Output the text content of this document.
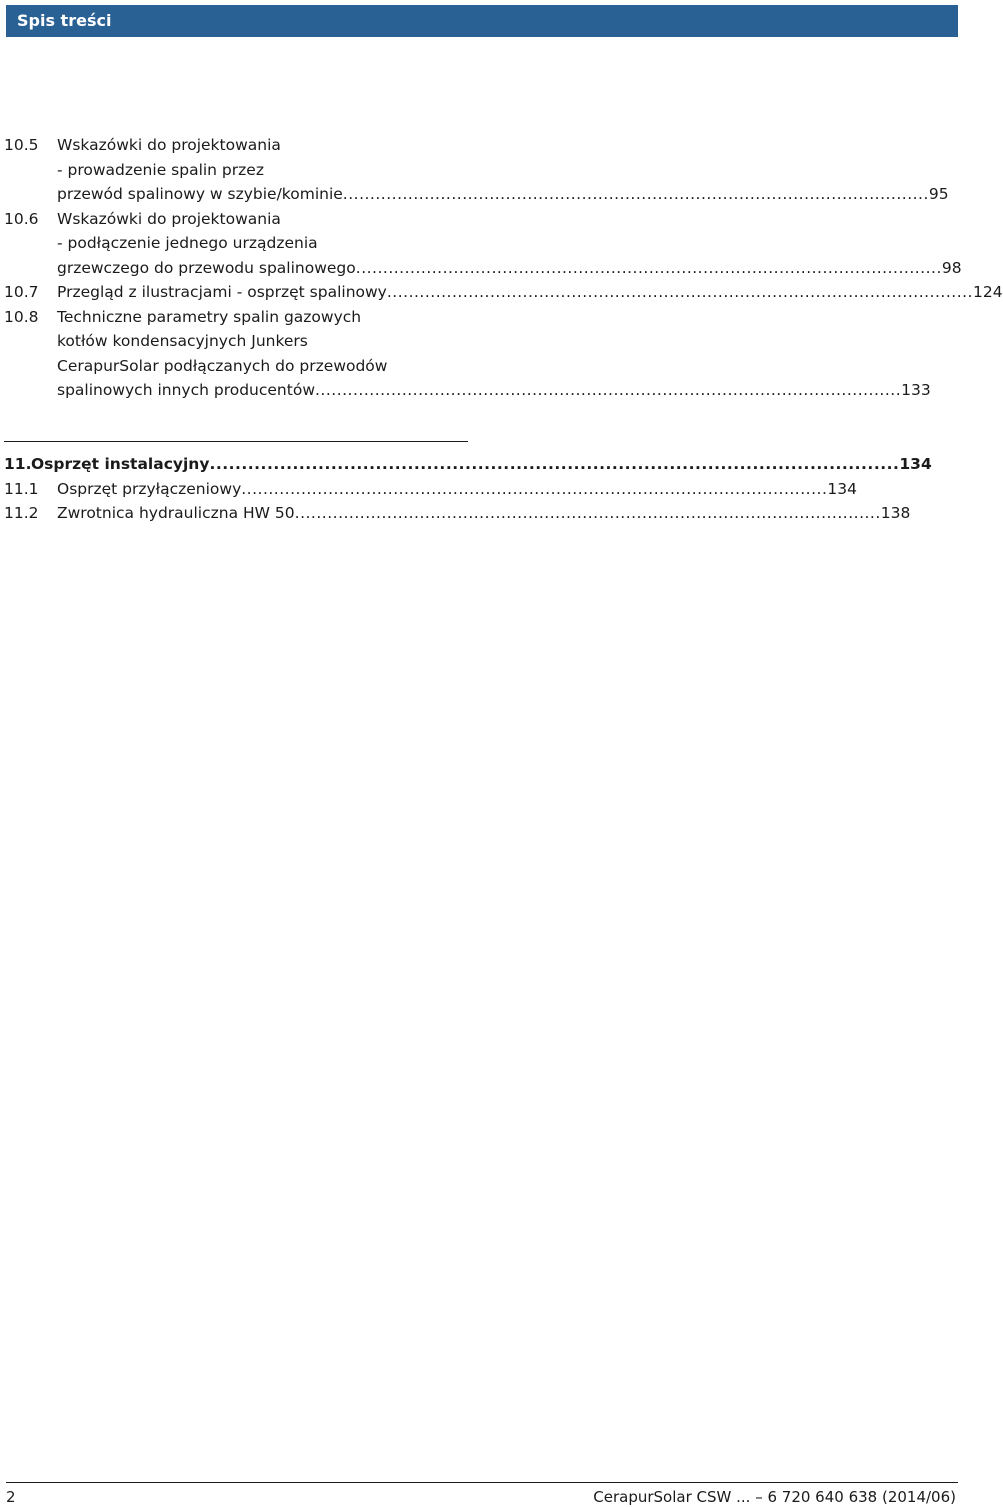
Spis treści
10.5	Wskazówki do projektowania
- prowadzenie spalin przez
przewód spalinowy w szybie/kominie .....	95
10.6	Wskazówki do projektowania
- podłączenie jednego urządzenia
grzewczego do przewodu spalinowego .....	98
10.7	Przegląd z ilustracjami - osprzęt spalinowy .....	124
10.8	Techniczne parametry spalin gazowych
kotłów kondensacyjnych Junkers
CerapurSolar podłączanych do przewodów
spalinowych innych producentów .....	133
11. Osprzęt instalacyjny .....	134
11.1	Osprzęt przyłączeniowy .....	134
11.2	Zwrotnica hydrauliczna HW 50 .....	138
2	CerapurSolar CSW ... – 6 720 640 638 (2014/06)
